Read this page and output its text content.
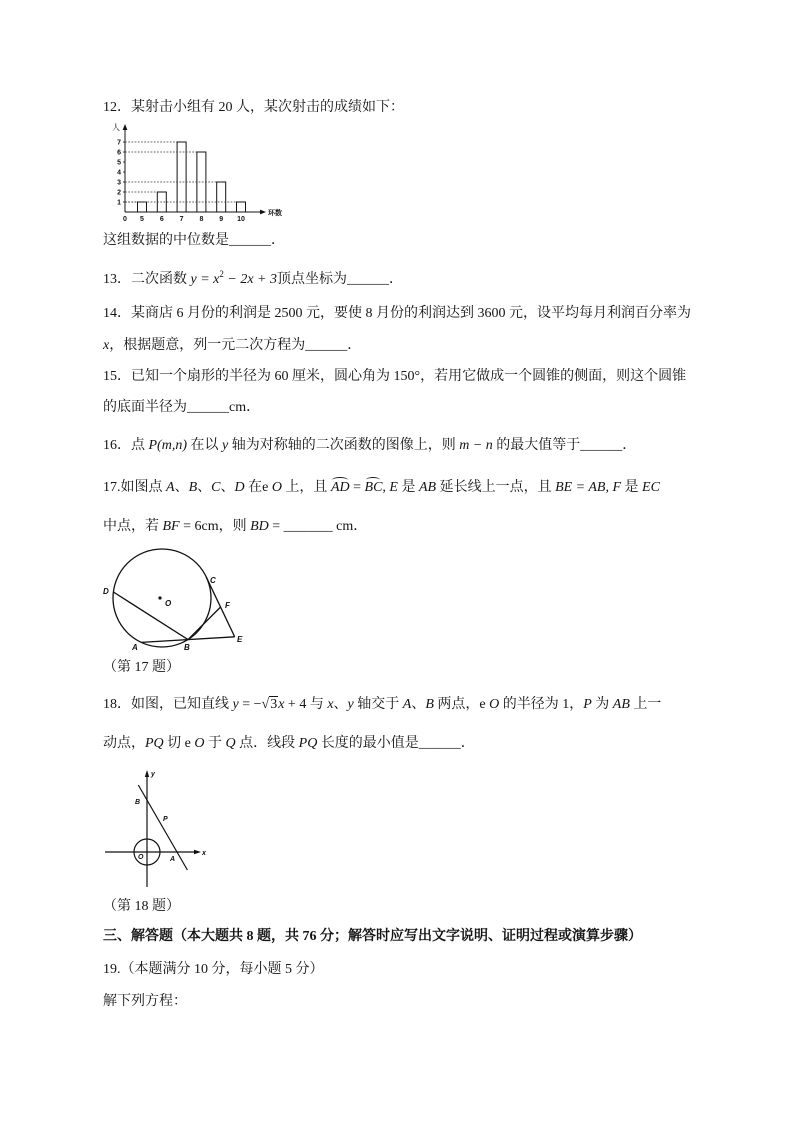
12．某射击小组有 20 人，某次射击的成绩如下：
人
环数
0
7
6
5
4
3
2
1
5 6 7 8 9 10
这组数据的中位数是______．
13．二次函数 $y = x^2 - 2x + 3$顶点坐标为______．
14．某商店 6 月份的利润是 2500 元，要使 8 月份的利润达到 3600 元，设平均每月利润百分率为
x，根据题意，列一元二次方程为______．
15．已知一个扇形的半径为 60 厘米，圆心角为 150°，若用它做成一个圆锥的侧面，则这个圆锥
的底面半径为______cm．
16．点 P(m,n) 在以 y 轴为对称轴的二次函数的图像上，则 m − n 的最大值等于______．
17.如图点 A、B、C、D 在e O 上，且 AD = BC, E 是 AB 延长线上一点，且 BE = AB, F 是 EC
中点，若 BF = 6cm，则 BD = _______ cm．
D
O
C
F
A	B
E
（第 17 题）
18．如图，已知直线 y = −√3x + 4 与 x、y 轴交于 A、B 两点，e O 的半径为 1，P 为 AB 上一
动点，PQ 切 e O 于 Q 点．线段 PQ 长度的最小值是______．
y
x
B
P
O	A
（第 18 题）
三、解答题（本大题共 8 题，共 76 分；解答时应写出文字说明、证明过程或演算步骤）
19.（本题满分 10 分，每小题 5 分）
解下列方程：
